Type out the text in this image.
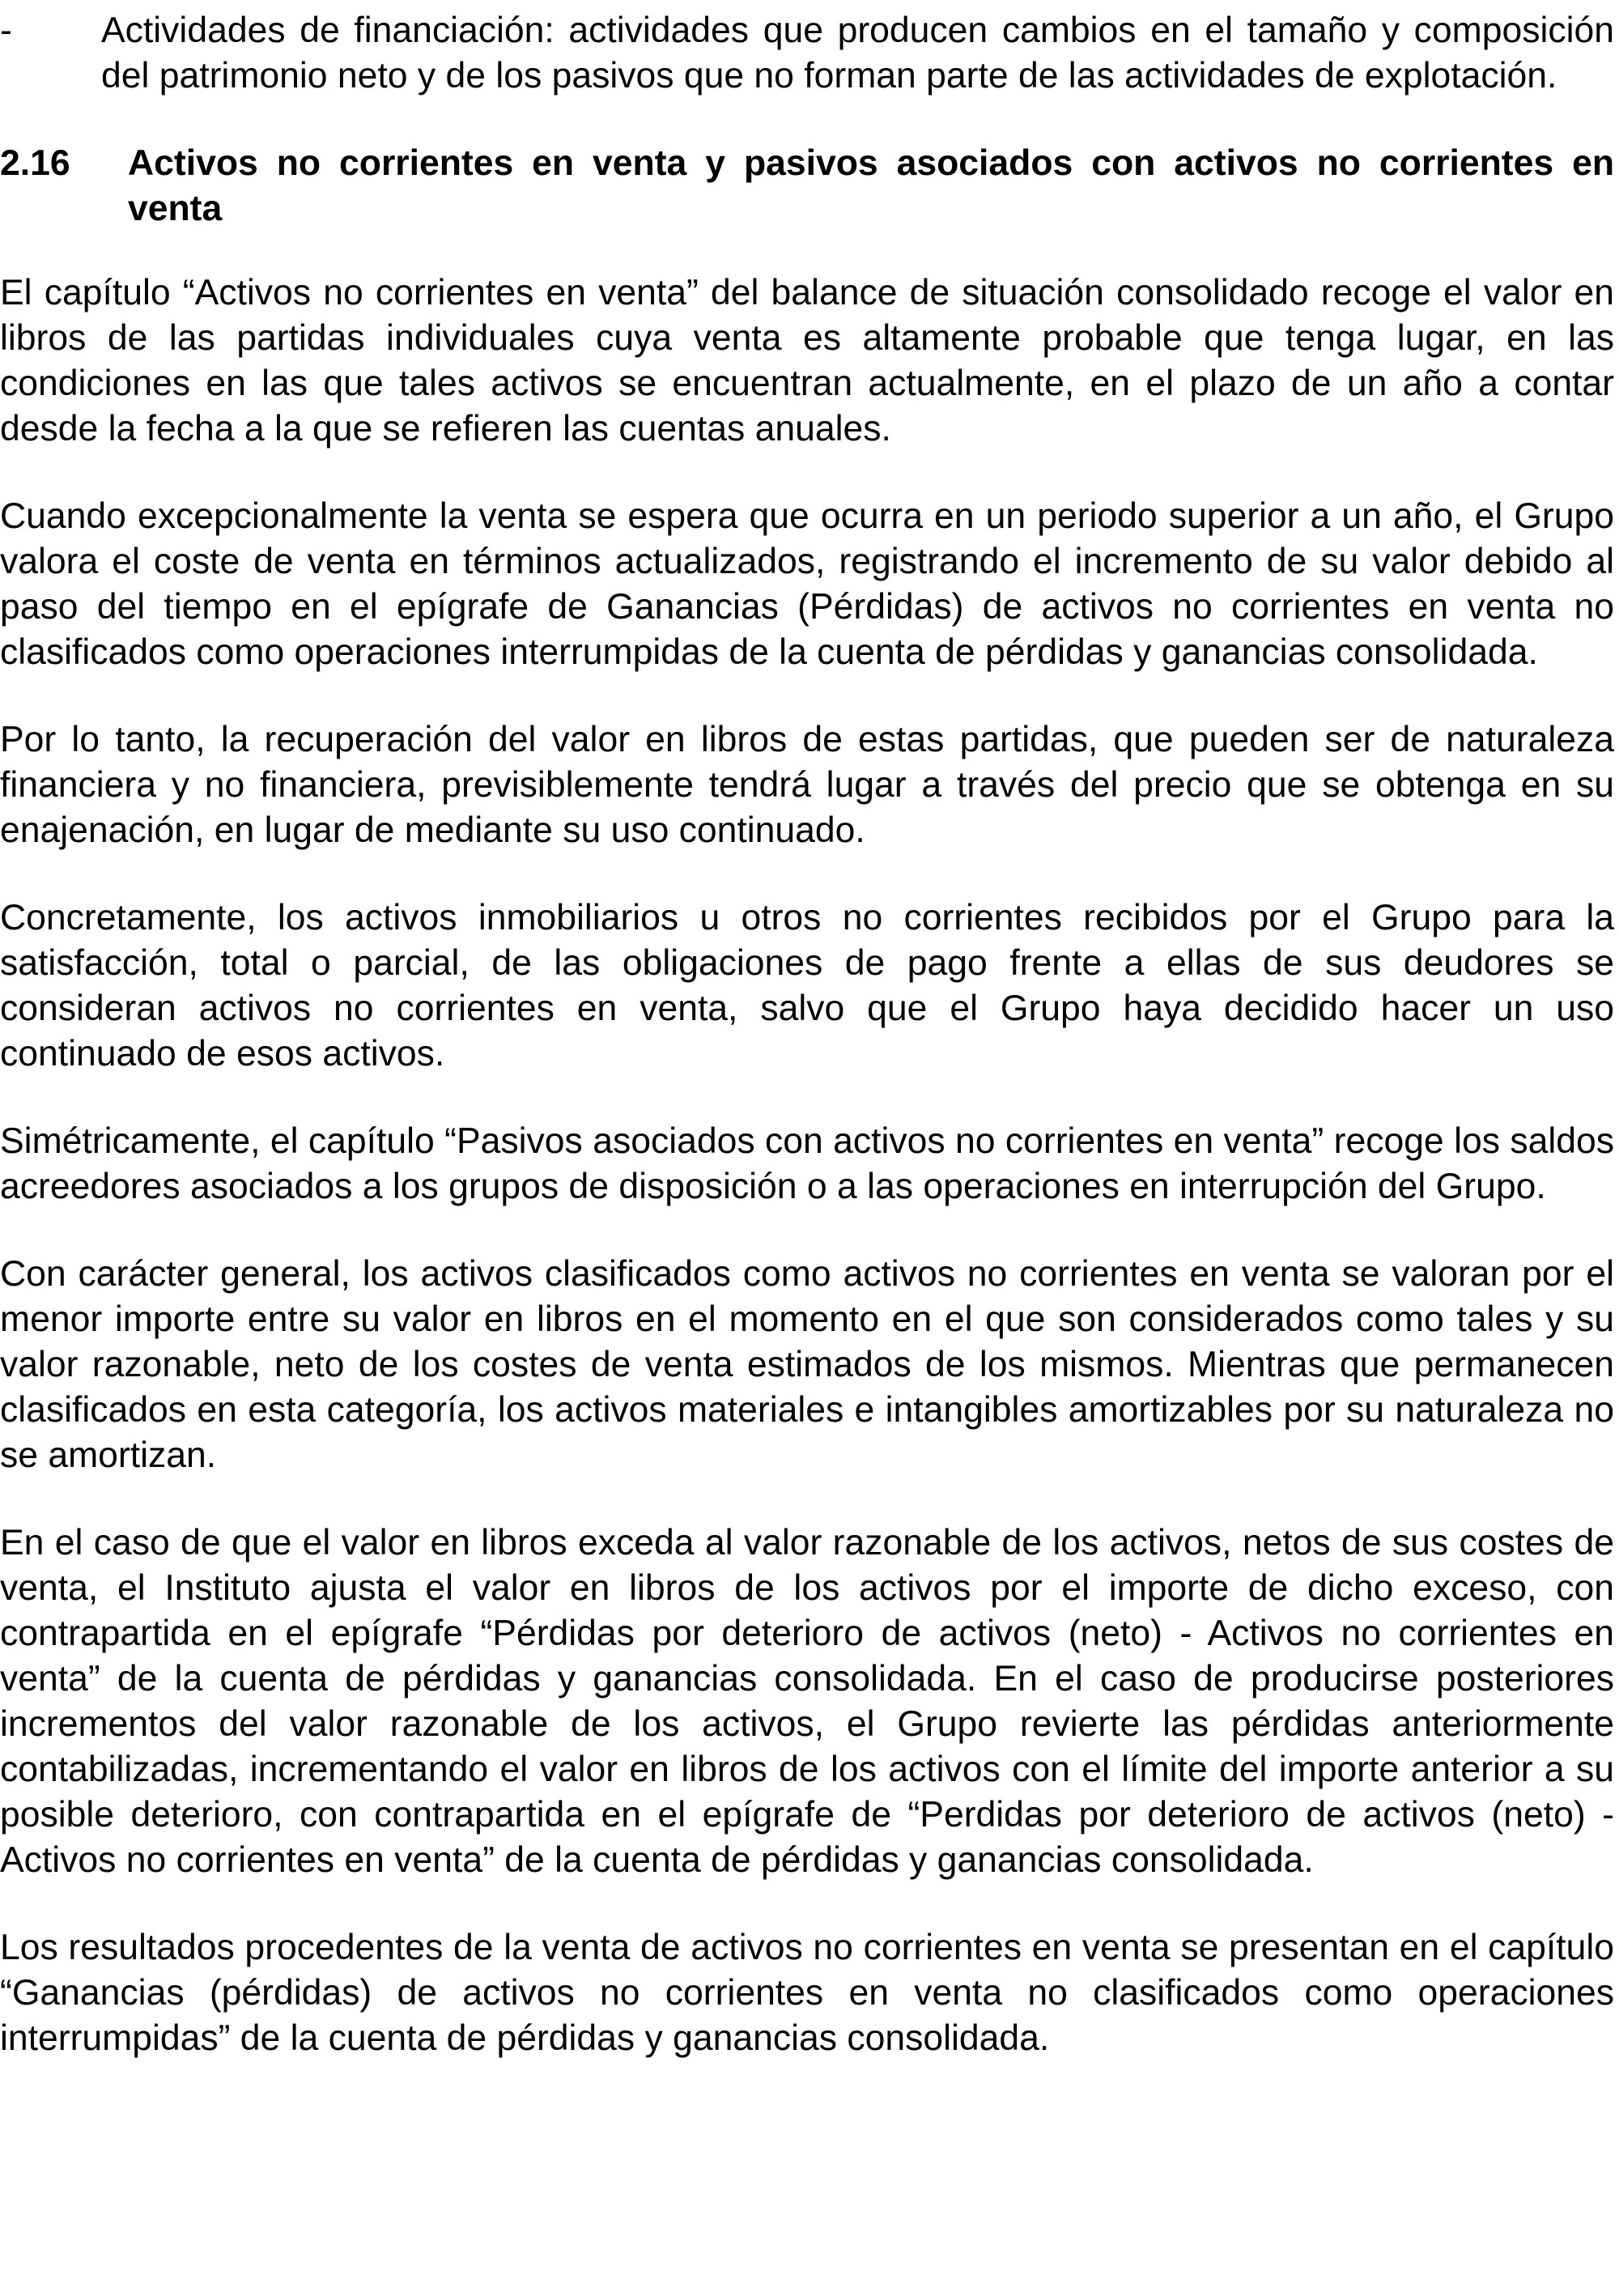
-	Actividades de financiación: actividades que producen cambios en el tamaño y composición del patrimonio neto y de los pasivos que no forman parte de las actividades de explotación.

2.16	Activos no corrientes en venta y pasivos asociados con activos no corrientes en venta

El capítulo “Activos no corrientes en venta” del balance de situación consolidado recoge el valor en libros de las partidas individuales cuya venta es altamente probable que tenga lugar, en las condiciones en las que tales activos se encuentran actualmente, en el plazo de un año a contar desde la fecha a la que se refieren las cuentas anuales.

Cuando excepcionalmente la venta se espera que ocurra en un periodo superior a un año, el Grupo valora el coste de venta en términos actualizados, registrando el incremento de su valor debido al paso del tiempo en el epígrafe de Ganancias (Pérdidas) de activos no corrientes en venta no clasificados como operaciones interrumpidas de la cuenta de pérdidas y ganancias consolidada.

Por lo tanto, la recuperación del valor en libros de estas partidas, que pueden ser de naturaleza financiera y no financiera, previsiblemente tendrá lugar a través del precio que se obtenga en su enajenación, en lugar de mediante su uso continuado.

Concretamente, los activos inmobiliarios u otros no corrientes recibidos por el Grupo para la satisfacción, total o parcial, de las obligaciones de pago frente a ellas de sus deudores se consideran activos no corrientes en venta, salvo que el Grupo haya decidido hacer un uso continuado de esos activos.

Simétricamente, el capítulo “Pasivos asociados con activos no corrientes en venta” recoge los saldos acreedores asociados a los grupos de disposición o a las operaciones en interrupción del Grupo.

Con carácter general, los activos clasificados como activos no corrientes en venta se valoran por el menor importe entre su valor en libros en el momento en el que son considerados como tales y su valor razonable, neto de los costes de venta estimados de los mismos. Mientras que permanecen clasificados en esta categoría, los activos materiales e intangibles amortizables por su naturaleza no se amortizan.

En el caso de que el valor en libros exceda al valor razonable de los activos, netos de sus costes de venta, el Instituto ajusta el valor en libros de los activos por el importe de dicho exceso, con contrapartida en el epígrafe “Pérdidas por deterioro de activos (neto) - Activos no corrientes en venta” de la cuenta de pérdidas y ganancias consolidada. En el caso de producirse posteriores incrementos del valor razonable de los activos, el Grupo revierte las pérdidas anteriormente contabilizadas, incrementando el valor en libros de los activos con el límite del importe anterior a su posible deterioro, con contrapartida en el epígrafe de “Perdidas por deterioro de activos (neto) - Activos no corrientes en venta” de la cuenta de pérdidas y ganancias consolidada.

Los resultados procedentes de la venta de activos no corrientes en venta se presentan en el capítulo “Ganancias (pérdidas) de activos no corrientes en venta no clasificados como operaciones interrumpidas” de la cuenta de pérdidas y ganancias consolidada.
